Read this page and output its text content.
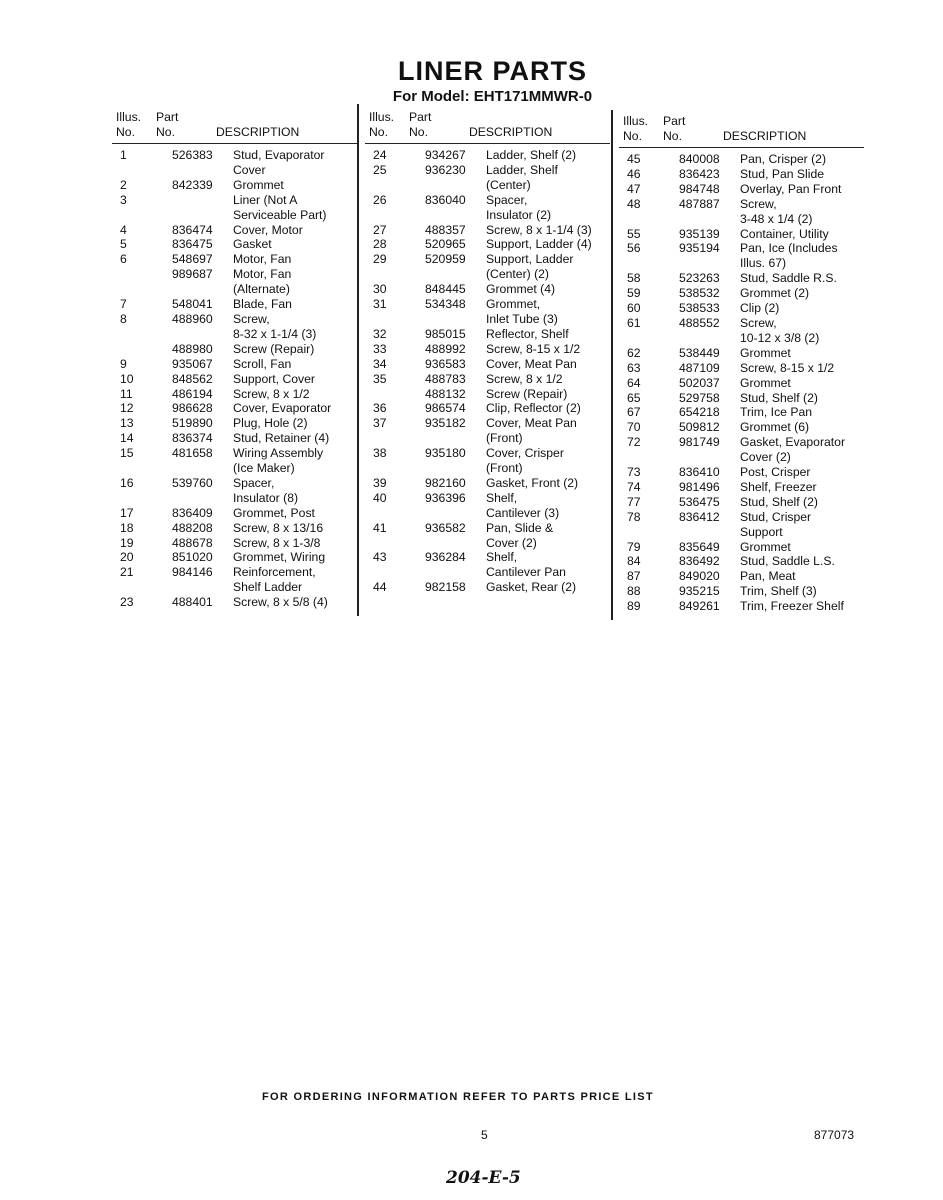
LINER PARTS
For Model: EHT171MMWR-0
Illus. Part
No. No.	DESCRIPTION
1	526383 Stud, Evaporator
Cover
2	842339 Grommet
3	Liner (Not A
Serviceable Part)
4	836474 Cover, Motor
5	836475 Gasket
6	548697 Motor, Fan
989687 Motor, Fan
(Alternate)
7	548041 Blade, Fan
8	488960 Screw,
8-32 x 1-1/4 (3)
488980 Screw (Repair)
9	935067 Scroll, Fan
10	848562 Support, Cover
11	486194 Screw, 8 x 1/2
12	986628 Cover, Evaporator
13	519890 Plug, Hole (2)
14	836374 Stud, Retainer (4)
15	481658 Wiring Assembly
(Ice Maker)
16	539760 Spacer,
Insulator (8)
17	836409 Grommet, Post
18	488208 Screw, 8 x 13/16
19	488678 Screw, 8 x 1-3/8
20	851020 Grommet, Wiring
21	984146 Reinforcement,
Shelf Ladder
23	488401 Screw, 8 x 5/8 (4)
Illus. Part
No. No.	DESCRIPTION
24	934267 Ladder, Shelf (2)
25	936230 Ladder, Shelf
(Center)
26	836040 Spacer,
Insulator (2)
27	488357 Screw, 8 x 1-1/4 (3)
28	520965 Support, Ladder (4)
29	520959 Support, Ladder
(Center) (2)
30	848445 Grommet (4)
31	534348 Grommet,
Inlet Tube (3)
32	985015 Reflector, Shelf
33	488992 Screw, 8-15 x 1/2
34	936583 Cover, Meat Pan
35	488783 Screw, 8 x 1/2
488132 Screw (Repair)
36	986574 Clip, Reflector (2)
37	935182 Cover, Meat Pan
(Front)
38	935180 Cover, Crisper
(Front)
39	982160 Gasket, Front (2)
40	936396 Shelf,
Cantilever (3)
41	936582 Pan, Slide &
Cover (2)
43	936284 Shelf,
Cantilever Pan
44	982158 Gasket, Rear (2)
Illus. Part
No. No.	DESCRIPTION
45	840008 Pan, Crisper (2)
46	836423 Stud, Pan Slide
47	984748 Overlay, Pan Front
48	487887 Screw,
3-48 x 1/4 (2)
55	935139 Container, Utility
56	935194 Pan, Ice (Includes
Illus. 67)
58	523263 Stud, Saddle R.S.
59	538532 Grommet (2)
60	538533 Clip (2)
61	488552 Screw,
10-12 x 3/8 (2)
62	538449 Grommet
63	487109 Screw, 8-15 x 1/2
64	502037 Grommet
65	529758 Stud, Shelf (2)
67	654218 Trim, Ice Pan
70	509812 Grommet (6)
72	981749 Gasket, Evaporator
Cover (2)
73	836410 Post, Crisper
74	981496 Shelf, Freezer
77	536475 Stud, Shelf (2)
78	836412 Stud, Crisper
Support
79	835649 Grommet
84	836492 Stud, Saddle L.S.
87	849020 Pan, Meat
88	935215 Trim, Shelf (3)
89	849261 Trim, Freezer Shelf
FOR ORDERING INFORMATION REFER TO PARTS PRICE LIST
5	877073
204-E-5
